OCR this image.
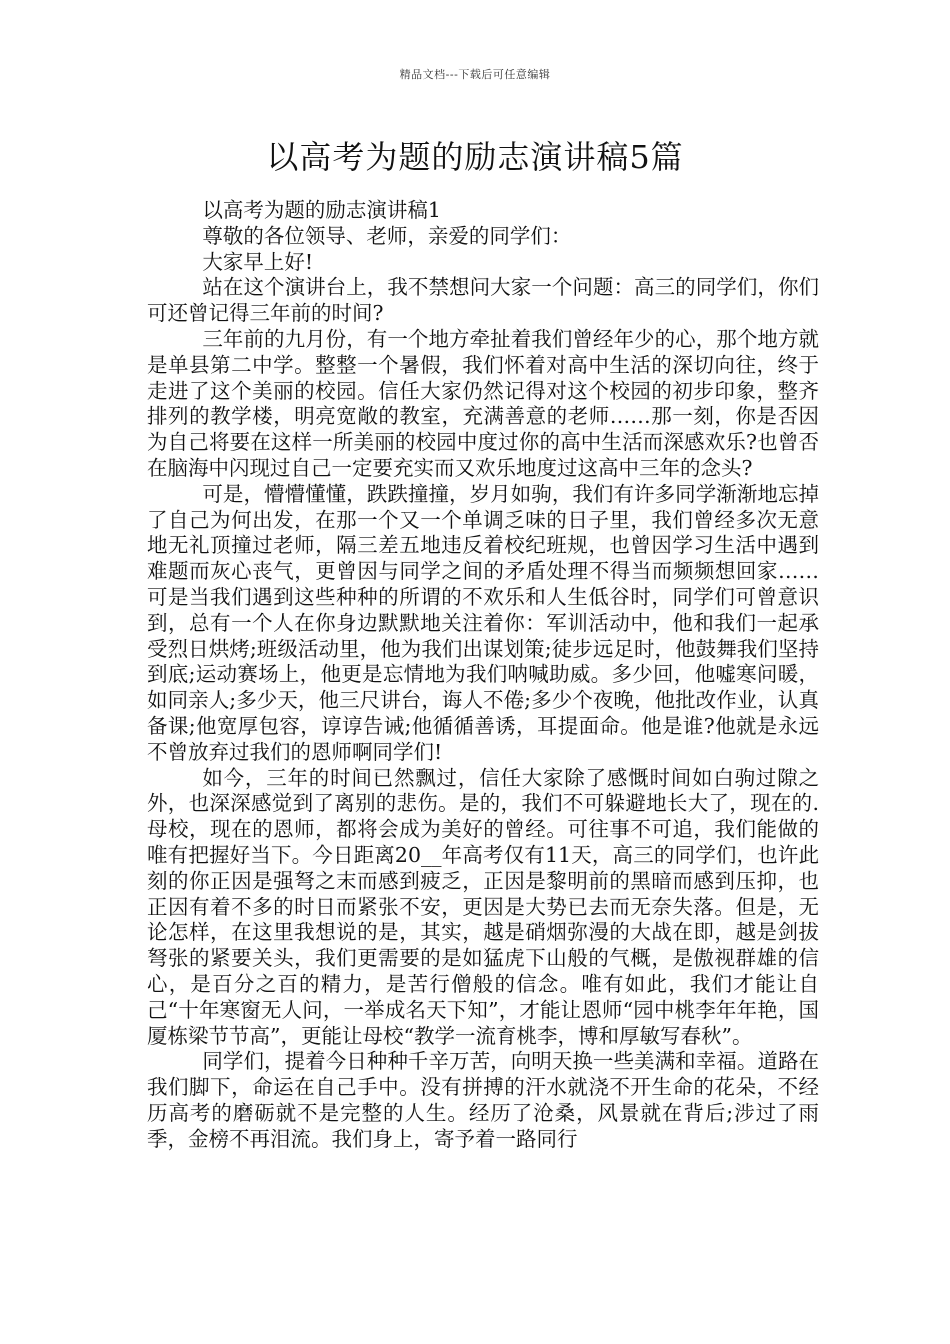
精品文档---下载后可任意编辑
以高考为题的励志演讲稿5篇

以高考为题的励志演讲稿1

尊敬的各位领导、老师，亲爱的同学们：

大家早上好!

站在这个演讲台上，我不禁想问大家一个问题：高三的同学们，你们可还曾记得三年前的时间?

三年前的九月份，有一个地方牵扯着我们曾经年少的心，那个地方就是单县第二中学。整整一个暑假，我们怀着对高中生活的深切向往，终于走进了这个美丽的校园。信任大家仍然记得对这个校园的初步印象，整齐排列的教学楼，明亮宽敞的教室，充满善意的老师……那一刻，你是否因为自己将要在这样一所美丽的校园中度过你的高中生活而深感欢乐?也曾否在脑海中闪现过自己一定要充实而又欢乐地度过这高中三年的念头?

可是，懵懵懂懂，跌跌撞撞，岁月如驹，我们有许多同学渐渐地忘掉了自己为何出发，在那一个又一个单调乏味的日子里，我们曾经多次无意地无礼顶撞过老师，隔三差五地违反着校纪班规，也曾因学习生活中遇到难题而灰心丧气，更曾因与同学之间的矛盾处理不得当而频频想回家……可是当我们遇到这些种种的所谓的不欢乐和人生低谷时，同学们可曾意识到，总有一个人在你身边默默地关注着你：军训活动中，他和我们一起承受烈日烘烤;班级活动里，他为我们出谋划策;徒步远足时，他鼓舞我们坚持到底;运动赛场上，他更是忘情地为我们呐喊助威。多少回，他嘘寒问暖，如同亲人;多少天，他三尺讲台，诲人不倦;多少个夜晚，他批改作业，认真备课;他宽厚包容，谆谆告诫;他循循善诱，耳提面命。他是谁?他就是永远不曾放弃过我们的恩师啊同学们!

如今，三年的时间已然飘过，信任大家除了感慨时间如白驹过隙之外，也深深感觉到了离别的悲伤。是的，我们不可躲避地长大了，现在的.母校，现在的恩师，都将会成为美好的曾经。可往事不可追，我们能做的唯有把握好当下。今日距离20__年高考仅有11天，高三的同学们，也许此刻的你正因是强弩之末而感到疲乏，正因是黎明前的黑暗而感到压抑，也正因有着不多的时日而紧张不安，更因是大势已去而无奈失落。但是，无论怎样，在这里我想说的是，其实，越是硝烟弥漫的大战在即，越是剑拔弩张的紧要关头，我们更需要的是如猛虎下山般的气概，是傲视群雄的信心，是百分之百的精力，是苦行僧般的信念。唯有如此，我们才能让自己“十年寒窗无人问，一举成名天下知”，才能让恩师“园中桃李年年艳，国厦栋梁节节高”，更能让母校“教学一流育桃李，博和厚敏写春秋”。

同学们，提着今日种种千辛万苦，向明天换一些美满和幸福。道路在我们脚下，命运在自己手中。没有拼搏的汗水就浇不开生命的花朵，不经历高考的磨砺就不是完整的人生。经历了沧桑，风景就在背后;涉过了雨季，金榜不再泪流。我们身上，寄予着一路同行
